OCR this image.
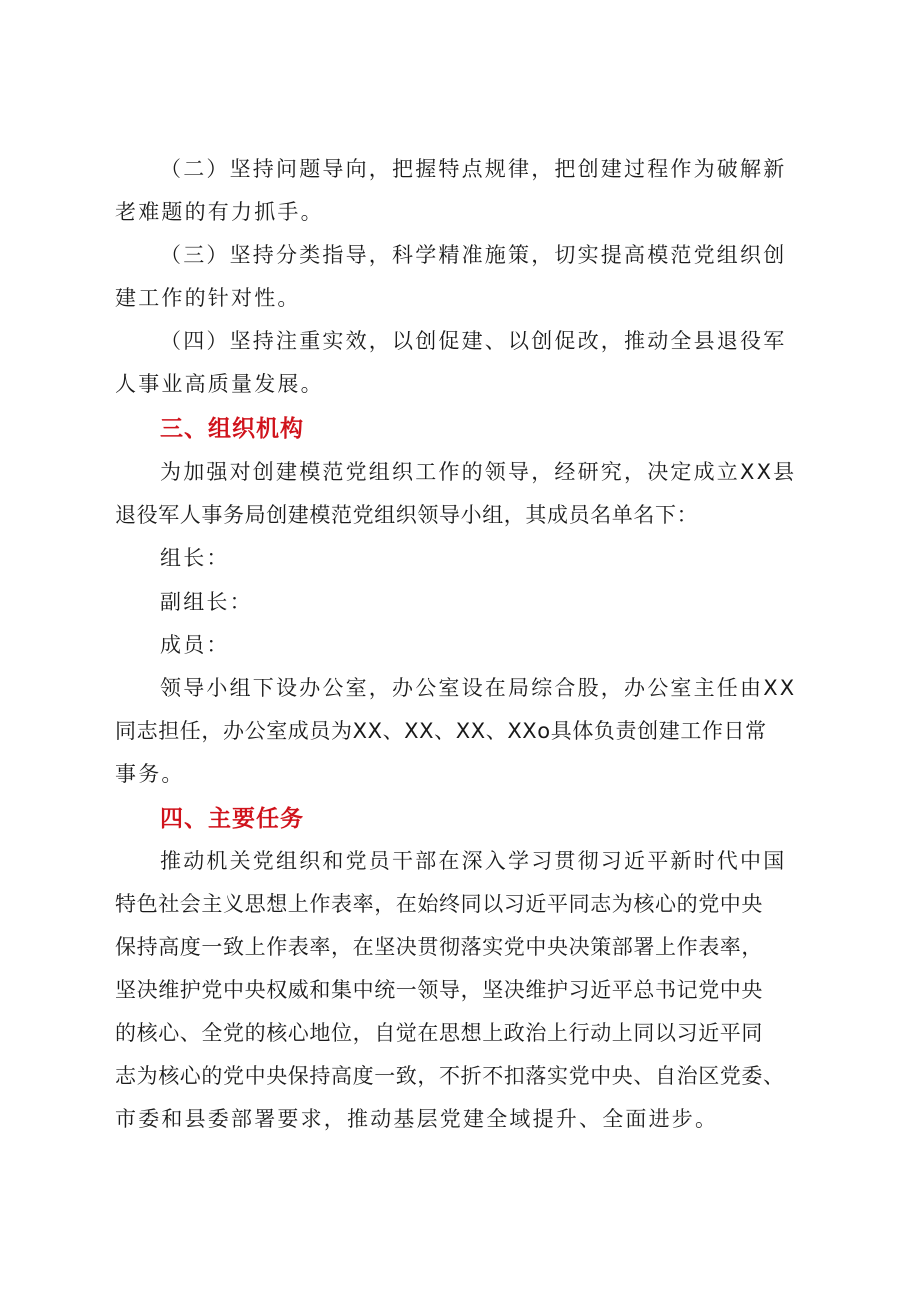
（二）坚持问题导向，把握特点规律，把创建过程作为破解新
老难题的有力抓手。
（三）坚持分类指导，科学精准施策，切实提高模范党组织创
建工作的针对性。
（四）坚持注重实效，以创促建、以创促改，推动全县退役军
人事业高质量发展。
三、组织机构
为加强对创建模范党组织工作的领导，经研究，决定成立XX县
退役军人事务局创建模范党组织领导小组，其成员名单名下：
组长：
副组长：
成员：
领导小组下设办公室，办公室设在局综合股，办公室主任由XX
同志担任，办公室成员为XX、XX、XX、XXo具体负责创建工作日常
事务。
四、主要任务
推动机关党组织和党员干部在深入学习贯彻习近平新时代中国
特色社会主义思想上作表率，在始终同以习近平同志为核心的党中央
保持高度一致上作表率，在坚决贯彻落实党中央决策部署上作表率，
坚决维护党中央权威和集中统一领导，坚决维护习近平总书记党中央
的核心、全党的核心地位，自觉在思想上政治上行动上同以习近平同
志为核心的党中央保持高度一致，不折不扣落实党中央、自治区党委、
市委和县委部署要求，推动基层党建全域提升、全面进步。
